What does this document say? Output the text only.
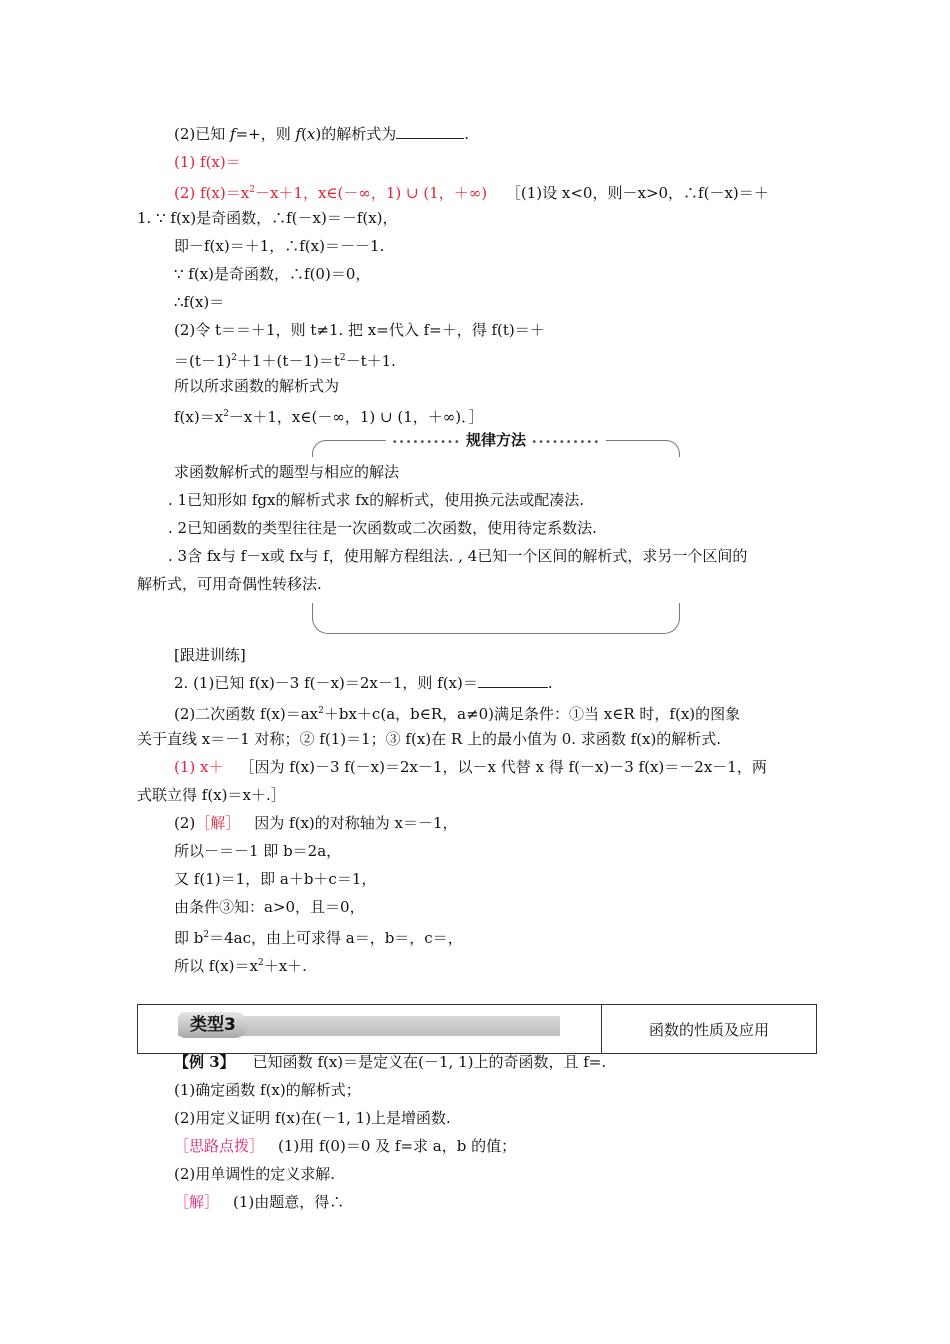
(2)已知 f=+，则 f(x)的解析式为	.
(1) f(x)＝
(2) $f(x)=x^2-x+1$，x∈(－∞，1) ∪ (1，＋∞) ［(1)设 x<0，则－x>0，∴f(－x)＝＋
1. ∵ f(x)是奇函数，∴f(－x)＝－f(x)，
即－f(x)＝＋1，∴f(x)＝－－1.
∵ f(x)是奇函数，∴f(0)＝0，
∴f(x)＝
(2)令 t＝＝＋1，则 t≠1. 把 x=代入 f=＋，得 f(t)＝＋
$=(t-1)^2+1+(t-1)=t^2-t+1$.
所以所求函数的解析式为
$f(x)=x^2-x+1$，x∈(－∞，1) ∪ (1，＋∞)．］
•••••••••• 规律方法 ••••••••••
求函数解析式的题型与相应的解法
. 1已知形如 fgx的解析式求 fx的解析式，使用换元法或配凑法.
. 2已知函数的类型往往是一次函数或二次函数，使用待定系数法.
. 3含 fx与 f－x或 fx与 f，使用解方程组法. , 4已知一个区间的解析式，求另一个区间的
解析式，可用奇偶性转移法.
[跟进训练]
2. (1)已知 f(x)－3 f(－x)＝2x－1，则 f(x)＝	.
(2)二次函数 $f(x)=ax^2+bx+c(a$，b∈R，a≠0)满足条件：①当 x∈R 时，f(x)的图象
关于直线 x＝－1 对称；② f(1)＝1；③ f(x)在 R 上的最小值为 0. 求函数 f(x)的解析式.
(1) x＋ ［因为 f(x)－3 f(－x)＝2x－1，以－x 代替 x 得 f(－x)－3 f(x)＝－2x－1，两
式联立得 f(x)＝x＋.］
(2)［解］ 因为 f(x)的对称轴为 x＝－1，
所以－＝－1 即 b＝2a，
又 f(1)＝1，即 a＋b＋c＝1，
由条件③知：a>0，且＝0，
即 $b^2=4ac$，由上可求得 a＝，b＝，c＝，
所以 $f(x)=x^2+x+$.
类型3	函数的性质及应用
【例 3】 已知函数 f(x)＝是定义在(－1, 1)上的奇函数，且 f=.
(1)确定函数 f(x)的解析式；
(2)用定义证明 f(x)在(－1, 1)上是增函数.
［思路点拨］ (1)用 f(0)＝0 及 f=求 a，b 的值；
(2)用单调性的定义求解.
［解］ (1)由题意，得∴
